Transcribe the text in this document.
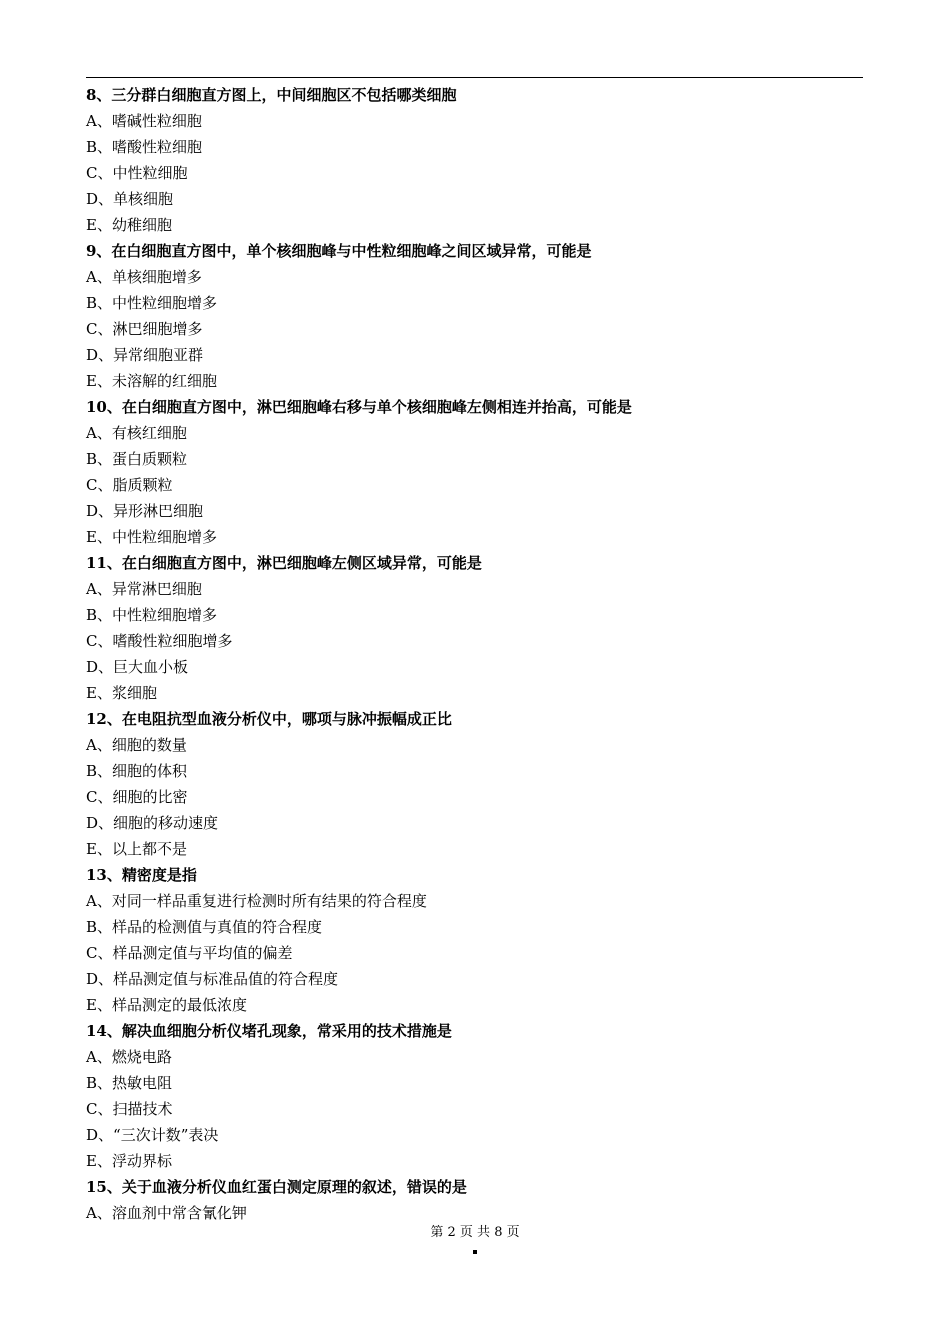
8、三分群白细胞直方图上，中间细胞区不包括哪类细胞
A、嗜碱性粒细胞
B、嗜酸性粒细胞
C、中性粒细胞
D、单核细胞
E、幼稚细胞
9、在白细胞直方图中，单个核细胞峰与中性粒细胞峰之间区域异常，可能是
A、单核细胞增多
B、中性粒细胞增多
C、淋巴细胞增多
D、异常细胞亚群
E、未溶解的红细胞
10、在白细胞直方图中，淋巴细胞峰右移与单个核细胞峰左侧相连并抬高，可能是
A、有核红细胞
B、蛋白质颗粒
C、脂质颗粒
D、异形淋巴细胞
E、中性粒细胞增多
11、在白细胞直方图中，淋巴细胞峰左侧区域异常，可能是
A、异常淋巴细胞
B、中性粒细胞增多
C、嗜酸性粒细胞增多
D、巨大血小板
E、浆细胞
12、在电阻抗型血液分析仪中，哪项与脉冲振幅成正比
A、细胞的数量
B、细胞的体积
C、细胞的比密
D、细胞的移动速度
E、以上都不是
13、精密度是指
A、对同一样品重复进行检测时所有结果的符合程度
B、样品的检测值与真值的符合程度
C、样品测定值与平均值的偏差
D、样品测定值与标准品值的符合程度
E、样品测定的最低浓度
14、解决血细胞分析仪堵孔现象，常采用的技术措施是
A、燃烧电路
B、热敏电阻
C、扫描技术
D、“三次计数”表决
E、浮动界标
15、关于血液分析仪血红蛋白测定原理的叙述，错误的是
A、溶血剂中常含氰化钾
第 2 页 共 8 页
